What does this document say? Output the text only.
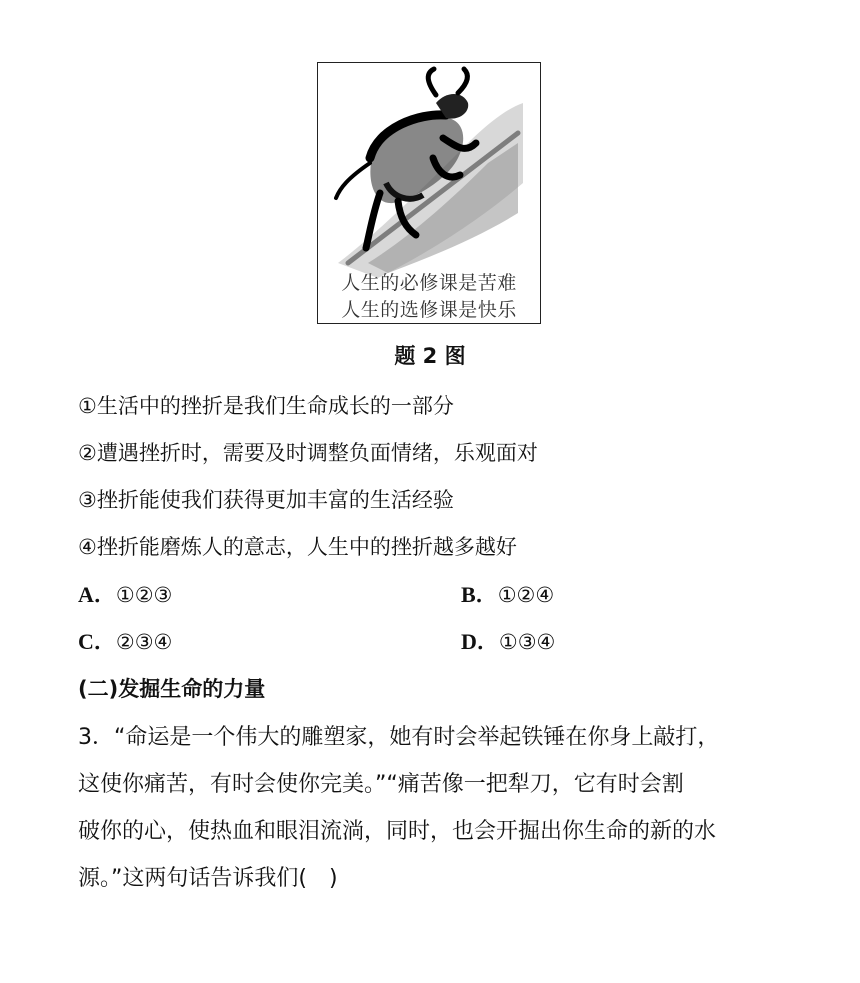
人生的必修课是苦难
人生的选修课是快乐
题 2 图
①生活中的挫折是我们生命成长的一部分
②遭遇挫折时，需要及时调整负面情绪，乐观面对
③挫折能使我们获得更加丰富的生活经验
④挫折能磨炼人的意志，人生中的挫折越多越好
A．①②③	B．①②④
C．②③④	D．①③④
(二)发掘生命的力量
3．“命运是一个伟大的雕塑家，她有时会举起铁锤在你身上敲打，
这使你痛苦，有时会使你完美。”“痛苦像一把犁刀，它有时会割
破你的心，使热血和眼泪流淌，同时，也会开掘出你生命的新的水
源。”这两句话告诉我们(　)
